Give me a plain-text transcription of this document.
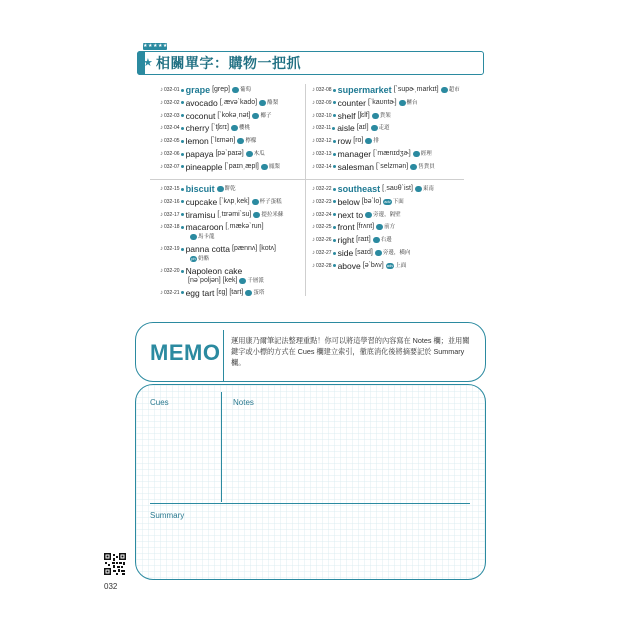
★★★★★
★ 相關單字：購物一把抓
♪032-01 grape [grep] 葡萄
♪032-02 avocado [ˌævəˋkado] 酪梨
♪032-03 coconut [ˋkokəˌnət] 椰子
♪032-04 cherry [ˋtʃɛrɪ] 櫻桃
♪032-05 lemon [ˋlɛmən] 檸檬
♪032-06 papaya [pəˋpaɪə] 木瓜
♪032-07 pineapple [ˋpaɪnˌæpḷ] 鳳梨
♪032-08 supermarket [ˋsupɚˌmarkɪt] 超市
♪032-09 counter [ˋkaʊntɚ] 櫃台
♪032-10 shelf [ʃɛlf] 貨架
♪032-11 aisle [aɪl] 走道
♪032-12 row [ro] 排
♪032-13 manager [ˋmænɪdʒɚ] 經理
♪032-14 salesman [ˋselzmən] 售貨員
♪032-15 biscuit 餅乾
♪032-16 cupcake [ˋkʌpˌkek] 杯子蛋糕
♪032-17 tiramisu [ˌtɪrəmiˋsu] 提拉米蘇
♪032-18 macaroon [ˌmækəˋrun]
馬卡龍
♪032-19 panna cotta [pænnʌ] [kotʌ]
ph 奶酪
♪032-20 Napoleon cake
[nəˋpoljən] [kek] 千層派
♪032-21 egg tart [ɛg] [tart] 蛋塔
♪032-22 southeast [ˌsaʊθˋist] 東南
♪032-23 below [bəˋlo] adv 下面
♪032-24 next to 旁邊，隔壁
♪032-25 front [frʌnt] 前方
♪032-26 right [raɪt] 右邊
♪032-27 side [saɪd] 旁邊，橫向
♪032-28 above [əˋbʌv] adv 上面
MEMO 運用康乃爾筆記法整理重點！你可以將這學習的內容寫在 Notes 欄；並用關鍵字或小標的方式在 Cues 欄建立索引，徹底消化後將摘要記於 Summary 欄。
Cues	Notes
Summary
032
